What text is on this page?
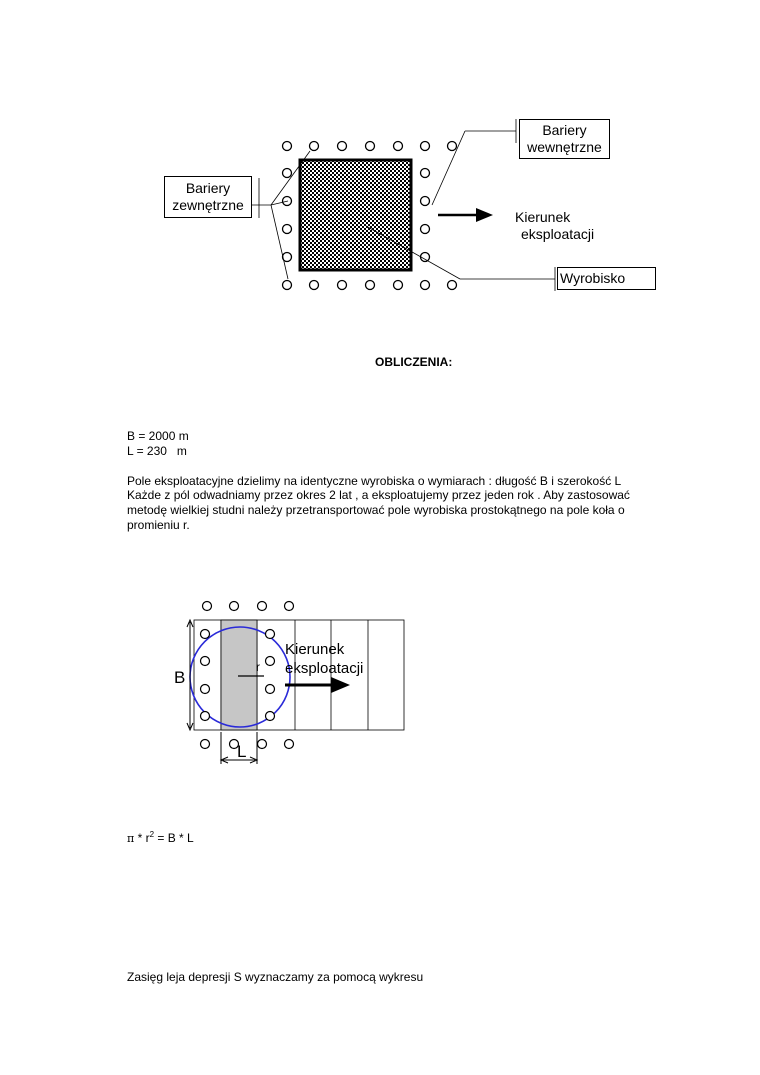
Bariery
wewnętrzne
Bariery
zewnętrzne
Kierunek
eksploatacji
Wyrobisko
OBLICZENIA:
B = 2000 m
L = 230   m
Pole eksploatacyjne dzielimy na identyczne wyrobiska o wymiarach : długość B i szerokość L
Każde z pól odwadniamy przez okres 2 lat , a eksploatujemy przez jeden rok . Aby zastosować
metodę wielkiej studni należy przetransportować pole wyrobiska prostokątnego na pole koła o
promieniu r.
B
L
r
Kierunek
eksploatacji
$\pi * r^2 = B * L$
Zasięg leja depresji S wyznaczamy za pomocą wykresu
